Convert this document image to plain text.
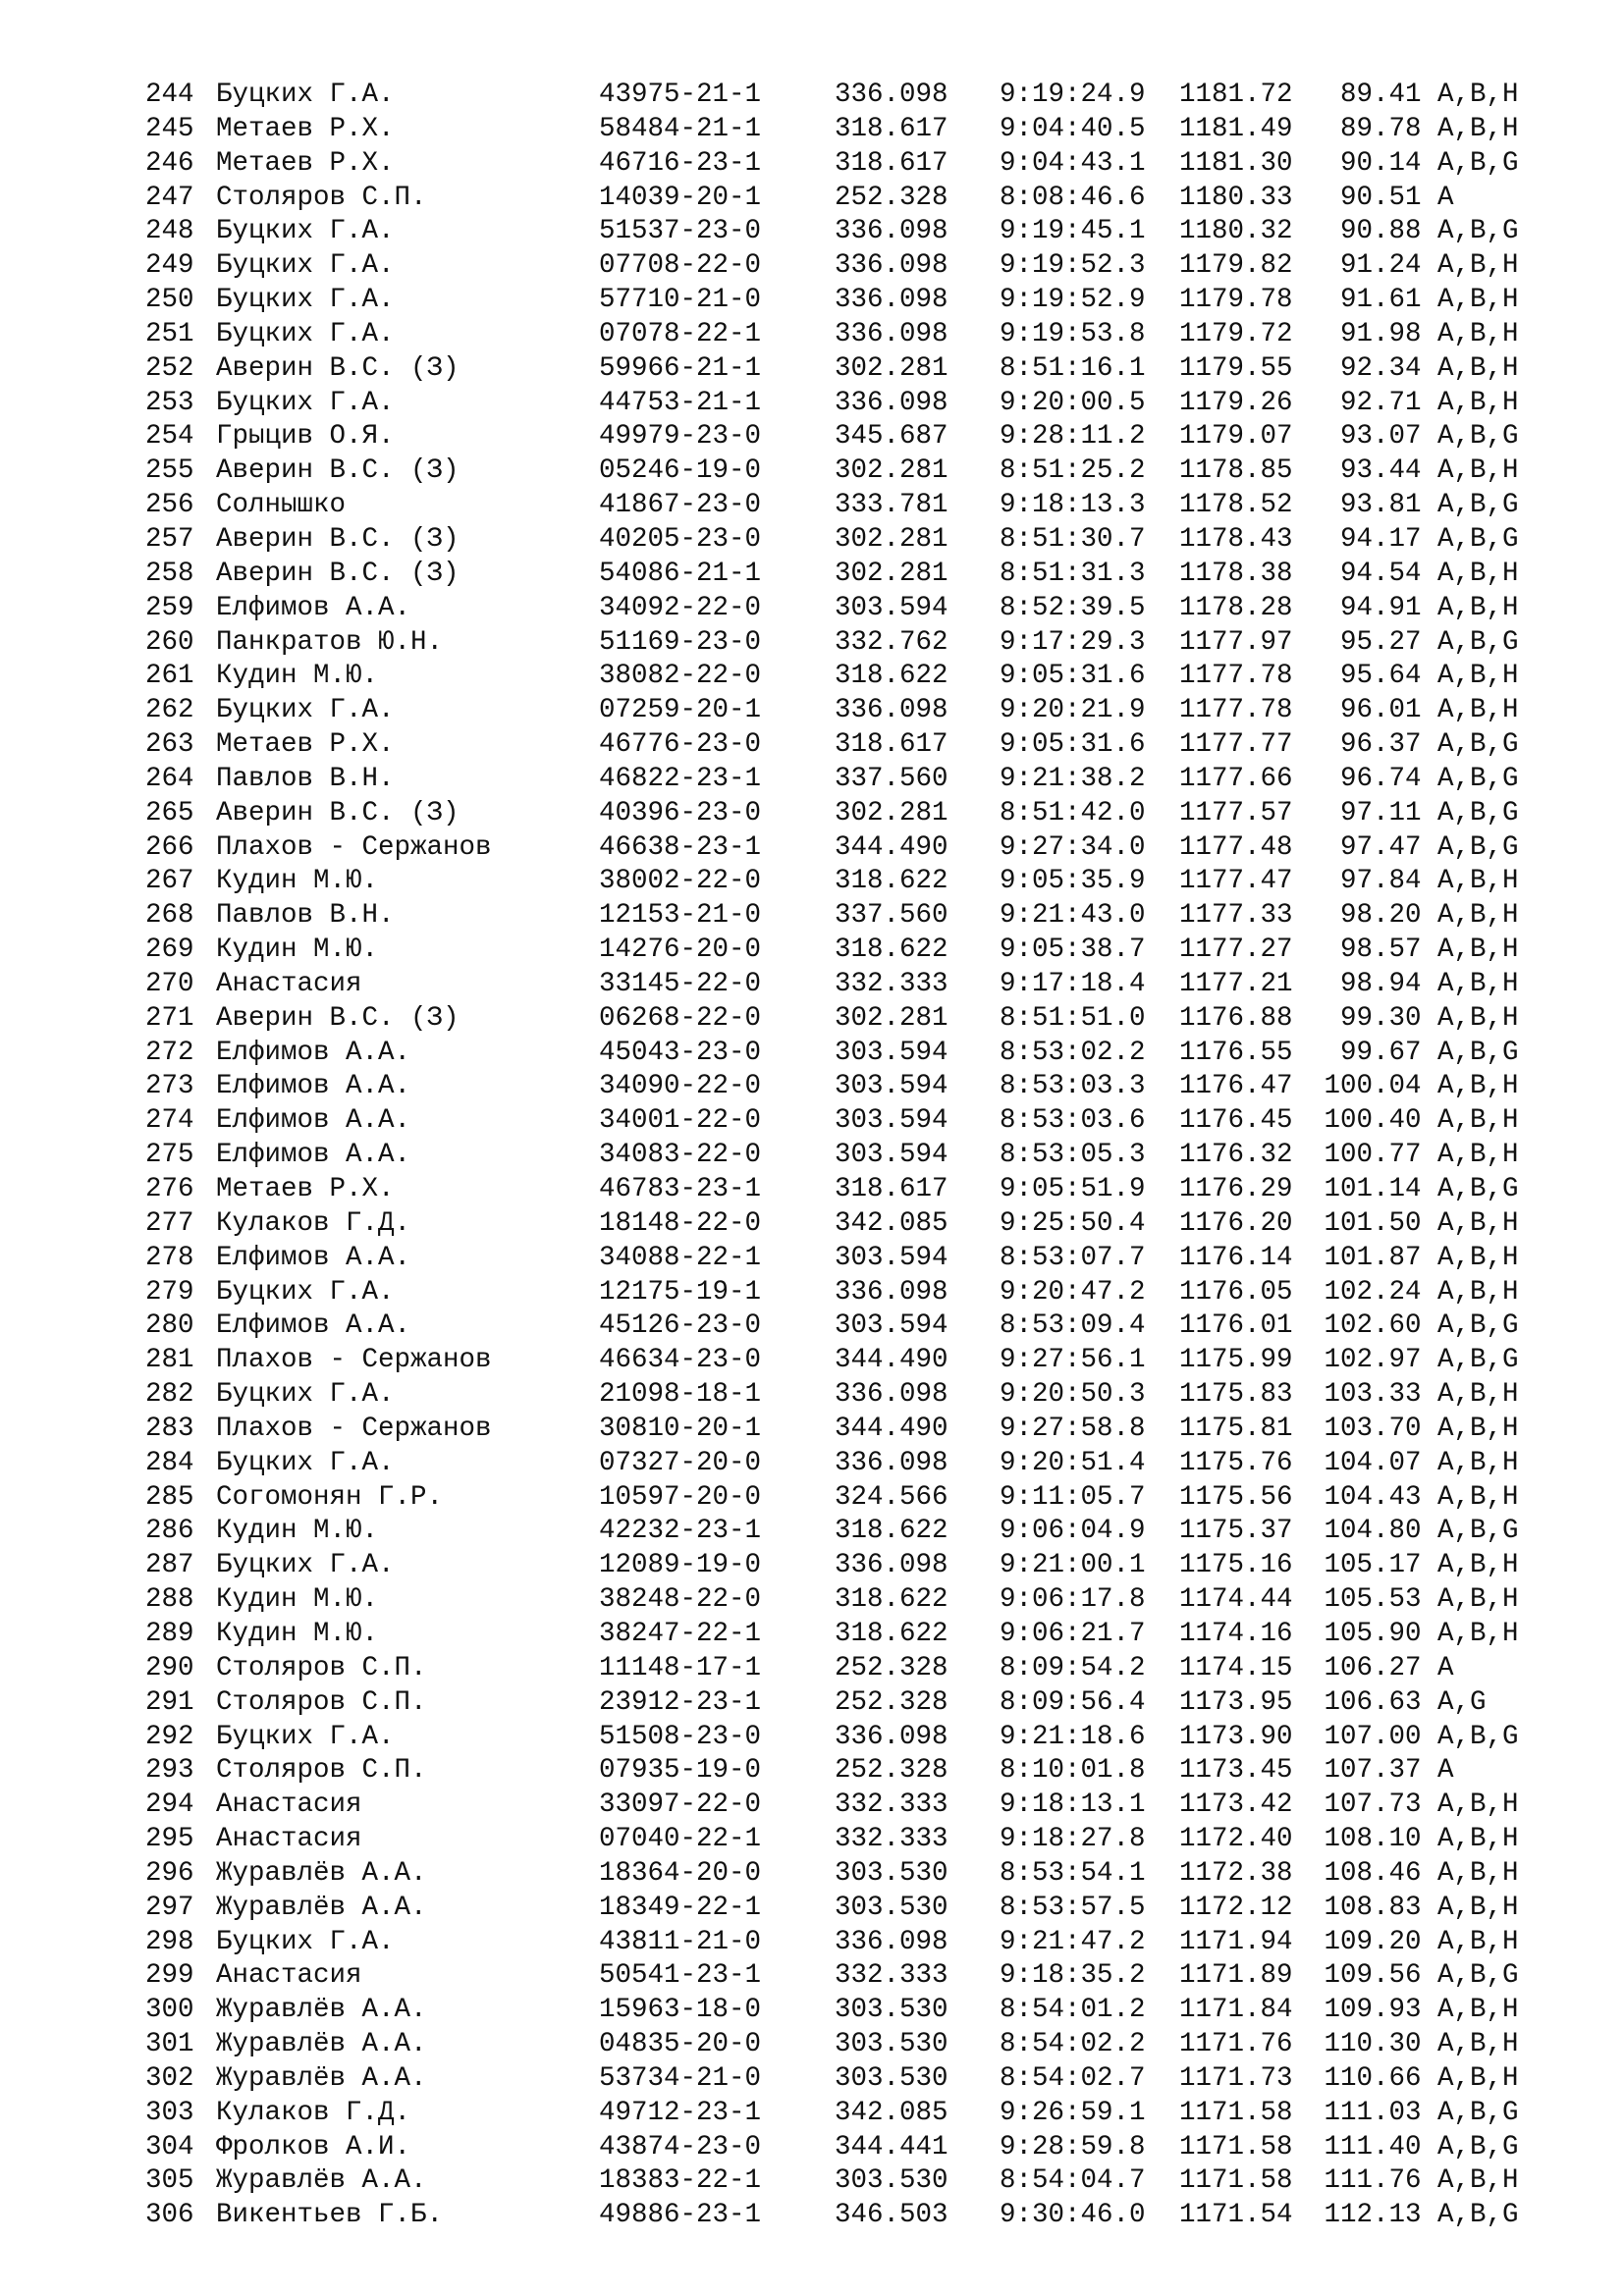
244 Буцких Г.А.	43975-21-1	336.098 9:19:24.9 1181.72 89.41 A,B,H
245 Метаев Р.Х.	58484-21-1	318.617 9:04:40.5 1181.49 89.78 A,B,H
246 Метаев Р.Х.	46716-23-1	318.617 9:04:43.1 1181.30 90.14 A,B,G
247 Столяров С.П.	14039-20-1	252.328 8:08:46.6 1180.33 90.51 A
248 Буцких Г.А.	51537-23-0	336.098 9:19:45.1 1180.32 90.88 A,B,G
249 Буцких Г.А.	07708-22-0	336.098 9:19:52.3 1179.82 91.24 A,B,H
250 Буцких Г.А.	57710-21-0	336.098 9:19:52.9 1179.78 91.61 A,B,H
251 Буцких Г.А.	07078-22-1	336.098 9:19:53.8 1179.72 91.98 A,B,H
252 Аверин В.С. (З)	59966-21-1	302.281 8:51:16.1 1179.55 92.34 A,B,H
253 Буцких Г.А.	44753-21-1	336.098 9:20:00.5 1179.26 92.71 A,B,H
254 Грыцив О.Я.	49979-23-0	345.687 9:28:11.2 1179.07 93.07 A,B,G
255 Аверин В.С. (З)	05246-19-0	302.281 8:51:25.2 1178.85 93.44 A,B,H
256 Солнышко	41867-23-0	333.781 9:18:13.3 1178.52 93.81 A,B,G
257 Аверин В.С. (З)	40205-23-0	302.281 8:51:30.7 1178.43 94.17 A,B,G
258 Аверин В.С. (З)	54086-21-1	302.281 8:51:31.3 1178.38 94.54 A,B,H
259 Елфимов А.А.	34092-22-0	303.594 8:52:39.5 1178.28 94.91 A,B,H
260 Панкратов Ю.Н.	51169-23-0	332.762 9:17:29.3 1177.97 95.27 A,B,G
261 Кудин М.Ю.	38082-22-0	318.622 9:05:31.6 1177.78 95.64 A,B,H
262 Буцких Г.А.	07259-20-1	336.098 9:20:21.9 1177.78 96.01 A,B,H
263 Метаев Р.Х.	46776-23-0	318.617 9:05:31.6 1177.77 96.37 A,B,G
264 Павлов В.Н.	46822-23-1	337.560 9:21:38.2 1177.66 96.74 A,B,G
265 Аверин В.С. (З)	40396-23-0	302.281 8:51:42.0 1177.57 97.11 A,B,G
266 Плахов - Сержанов	46638-23-1	344.490 9:27:34.0 1177.48 97.47 A,B,G
267 Кудин М.Ю.	38002-22-0	318.622 9:05:35.9 1177.47 97.84 A,B,H
268 Павлов В.Н.	12153-21-0	337.560 9:21:43.0 1177.33 98.20 A,B,H
269 Кудин М.Ю.	14276-20-0	318.622 9:05:38.7 1177.27 98.57 A,B,H
270 Анастасия	33145-22-0	332.333 9:17:18.4 1177.21 98.94 A,B,H
271 Аверин В.С. (З)	06268-22-0	302.281 8:51:51.0 1176.88 99.30 A,B,H
272 Елфимов А.А.	45043-23-0	303.594 8:53:02.2 1176.55 99.67 A,B,G
273 Елфимов А.А.	34090-22-0	303.594 8:53:03.3 1176.47 100.04 A,B,H
274 Елфимов А.А.	34001-22-0	303.594 8:53:03.6 1176.45 100.40 A,B,H
275 Елфимов А.А.	34083-22-0	303.594 8:53:05.3 1176.32 100.77 A,B,H
276 Метаев Р.Х.	46783-23-1	318.617 9:05:51.9 1176.29 101.14 A,B,G
277 Кулаков Г.Д.	18148-22-0	342.085 9:25:50.4 1176.20 101.50 A,B,H
278 Елфимов А.А.	34088-22-1	303.594 8:53:07.7 1176.14 101.87 A,B,H
279 Буцких Г.А.	12175-19-1	336.098 9:20:47.2 1176.05 102.24 A,B,H
280 Елфимов А.А.	45126-23-0	303.594 8:53:09.4 1176.01 102.60 A,B,G
281 Плахов - Сержанов	46634-23-0	344.490 9:27:56.1 1175.99 102.97 A,B,G
282 Буцких Г.А.	21098-18-1	336.098 9:20:50.3 1175.83 103.33 A,B,H
283 Плахов - Сержанов	30810-20-1	344.490 9:27:58.8 1175.81 103.70 A,B,H
284 Буцких Г.А.	07327-20-0	336.098 9:20:51.4 1175.76 104.07 A,B,H
285 Согомонян Г.Р.	10597-20-0	324.566 9:11:05.7 1175.56 104.43 A,B,H
286 Кудин М.Ю.	42232-23-1	318.622 9:06:04.9 1175.37 104.80 A,B,G
287 Буцких Г.А.	12089-19-0	336.098 9:21:00.1 1175.16 105.17 A,B,H
288 Кудин М.Ю.	38248-22-0	318.622 9:06:17.8 1174.44 105.53 A,B,H
289 Кудин М.Ю.	38247-22-1	318.622 9:06:21.7 1174.16 105.90 A,B,H
290 Столяров С.П.	11148-17-1	252.328 8:09:54.2 1174.15 106.27 A
291 Столяров С.П.	23912-23-1	252.328 8:09:56.4 1173.95 106.63 A,G
292 Буцких Г.А.	51508-23-0	336.098 9:21:18.6 1173.90 107.00 A,B,G
293 Столяров С.П.	07935-19-0	252.328 8:10:01.8 1173.45 107.37 A
294 Анастасия	33097-22-0	332.333 9:18:13.1 1173.42 107.73 A,B,H
295 Анастасия	07040-22-1	332.333 9:18:27.8 1172.40 108.10 A,B,H
296 Журавлёв А.А.	18364-20-0	303.530 8:53:54.1 1172.38 108.46 A,B,H
297 Журавлёв А.А.	18349-22-1	303.530 8:53:57.5 1172.12 108.83 A,B,H
298 Буцких Г.А.	43811-21-0	336.098 9:21:47.2 1171.94 109.20 A,B,H
299 Анастасия	50541-23-1	332.333 9:18:35.2 1171.89 109.56 A,B,G
300 Журавлёв А.А.	15963-18-0	303.530 8:54:01.2 1171.84 109.93 A,B,H
301 Журавлёв А.А.	04835-20-0	303.530 8:54:02.2 1171.76 110.30 A,B,H
302 Журавлёв А.А.	53734-21-0	303.530 8:54:02.7 1171.73 110.66 A,B,H
303 Кулаков Г.Д.	49712-23-1	342.085 9:26:59.1 1171.58 111.03 A,B,G
304 Фролков А.И.	43874-23-0	344.441 9:28:59.8 1171.58 111.40 A,B,G
305 Журавлёв А.А.	18383-22-1	303.530 8:54:04.7 1171.58 111.76 A,B,H
306 Викентьев Г.Б.	49886-23-1	346.503 9:30:46.0 1171.54 112.13 A,B,G
